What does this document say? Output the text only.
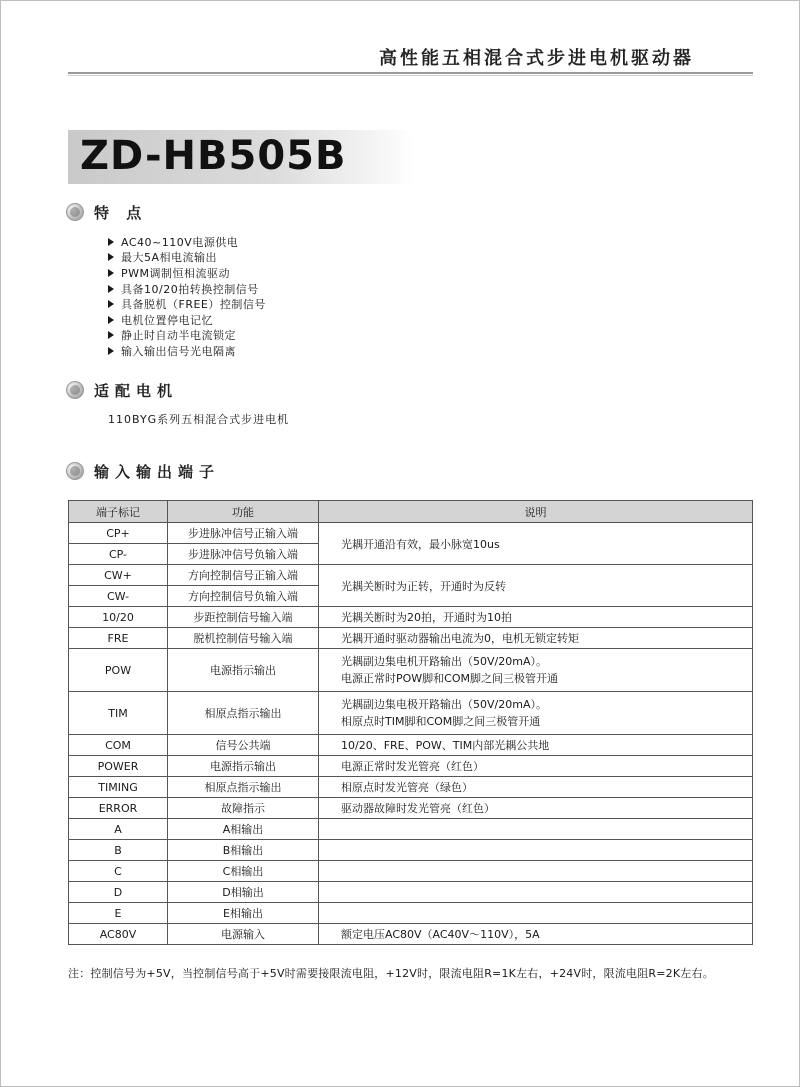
高性能五相混合式步进电机驱动器
ZD-HB505B
特 点
AC40~110V电源供电
最大5A相电流输出
PWM调制恒相流驱动
具备10/20拍转换控制信号
具备脱机（FREE）控制信号
电机位置停电记忆
静止时自动半电流锁定
输入输出信号光电隔离
适配电机
110BYG系列五相混合式步进电机
输入输出端子
端子标记	功能	说明
CP+	步进脉冲信号正输入端	光耦开通沿有效，最小脉宽10us
CP-	步进脉冲信号负输入端	
CW+	方向控制信号正输入端	光耦关断时为正转，开通时为反转
CW-	方向控制信号负输入端	
10/20	步距控制信号输入端	光耦关断时为20拍，开通时为10拍
FRE	脱机控制信号输入端	光耦开通时驱动器输出电流为0，电机无锁定转矩
POW	电源指示输出	光耦副边集电机开路输出（50V/20mA）。
电源正常时POW脚和COM脚之间三极管开通

TIM	相原点指示输出	光耦副边集电极开路输出（50V/20mA）。
相原点时TIM脚和COM脚之间三极管开通

COM	信号公共端	10/20、FRE、POW、TIM内部光耦公共地
POWER	电源指示输出	电源正常时发光管亮（红色）
TIMING	相原点指示输出	相原点时发光管亮（绿色）
ERROR	故障指示	驱动器故障时发光管亮（红色）
A	A相输出	
B	B相输出	
C	C相输出	
D	D相输出	
E	E相输出	
AC80V	电源输入	额定电压AC80V（AC40V～110V），5A
注：控制信号为+5V，当控制信号高于+5V时需要接限流电阻，+12V时，限流电阻R=1K左右，+24V时，限流电阻R=2K左右。
